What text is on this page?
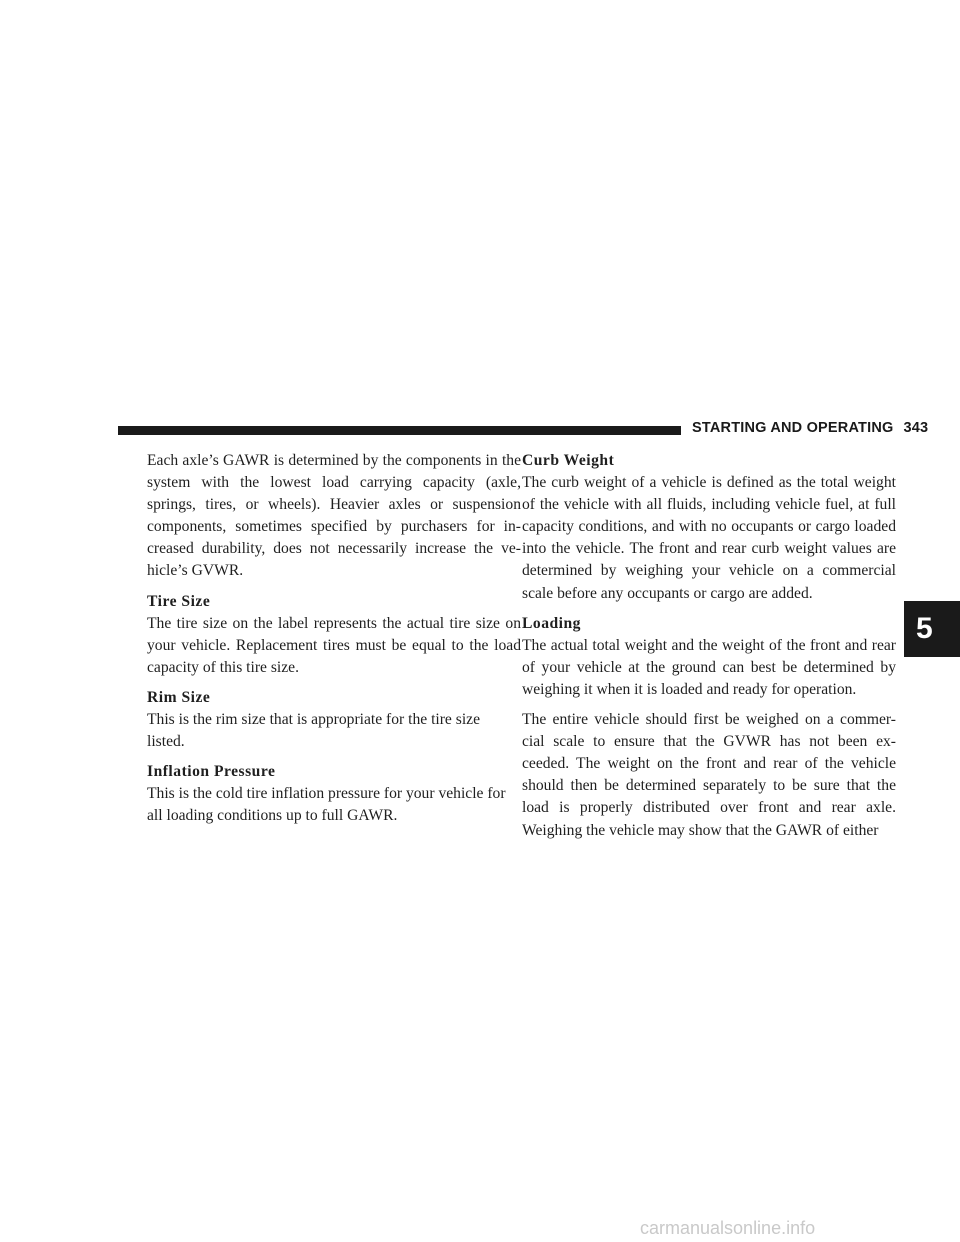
STARTING AND OPERATING 343
5

Each axle’s GAWR is determined by the components in the system with the lowest load carrying capacity (axle, springs, tires, or wheels). Heavier axles or suspension components, sometimes specified by purchasers for in- creased durability, does not necessarily increase the ve- hicle’s GVWR.

Tire Size

The tire size on the label represents the actual tire size on your vehicle. Replacement tires must be equal to the load capacity of this tire size.

Rim Size

This is the rim size that is appropriate for the tire size listed.

Inflation Pressure

This is the cold tire inflation pressure for your vehicle for all loading conditions up to full GAWR.

Curb Weight

The curb weight of a vehicle is defined as the total weight of the vehicle with all fluids, including vehicle fuel, at full capacity conditions, and with no occupants or cargo loaded into the vehicle. The front and rear curb weight values are determined by weighing your vehicle on a commercial scale before any occupants or cargo are added.

Loading

The actual total weight and the weight of the front and rear of your vehicle at the ground can best be determined by weighing it when it is loaded and ready for operation.

The entire vehicle should first be weighed on a commer- cial scale to ensure that the GVWR has not been ex- ceeded. The weight on the front and rear of the vehicle should then be determined separately to be sure that the load is properly distributed over front and rear axle. Weighing the vehicle may show that the GAWR of either

carmanualsonline.info
